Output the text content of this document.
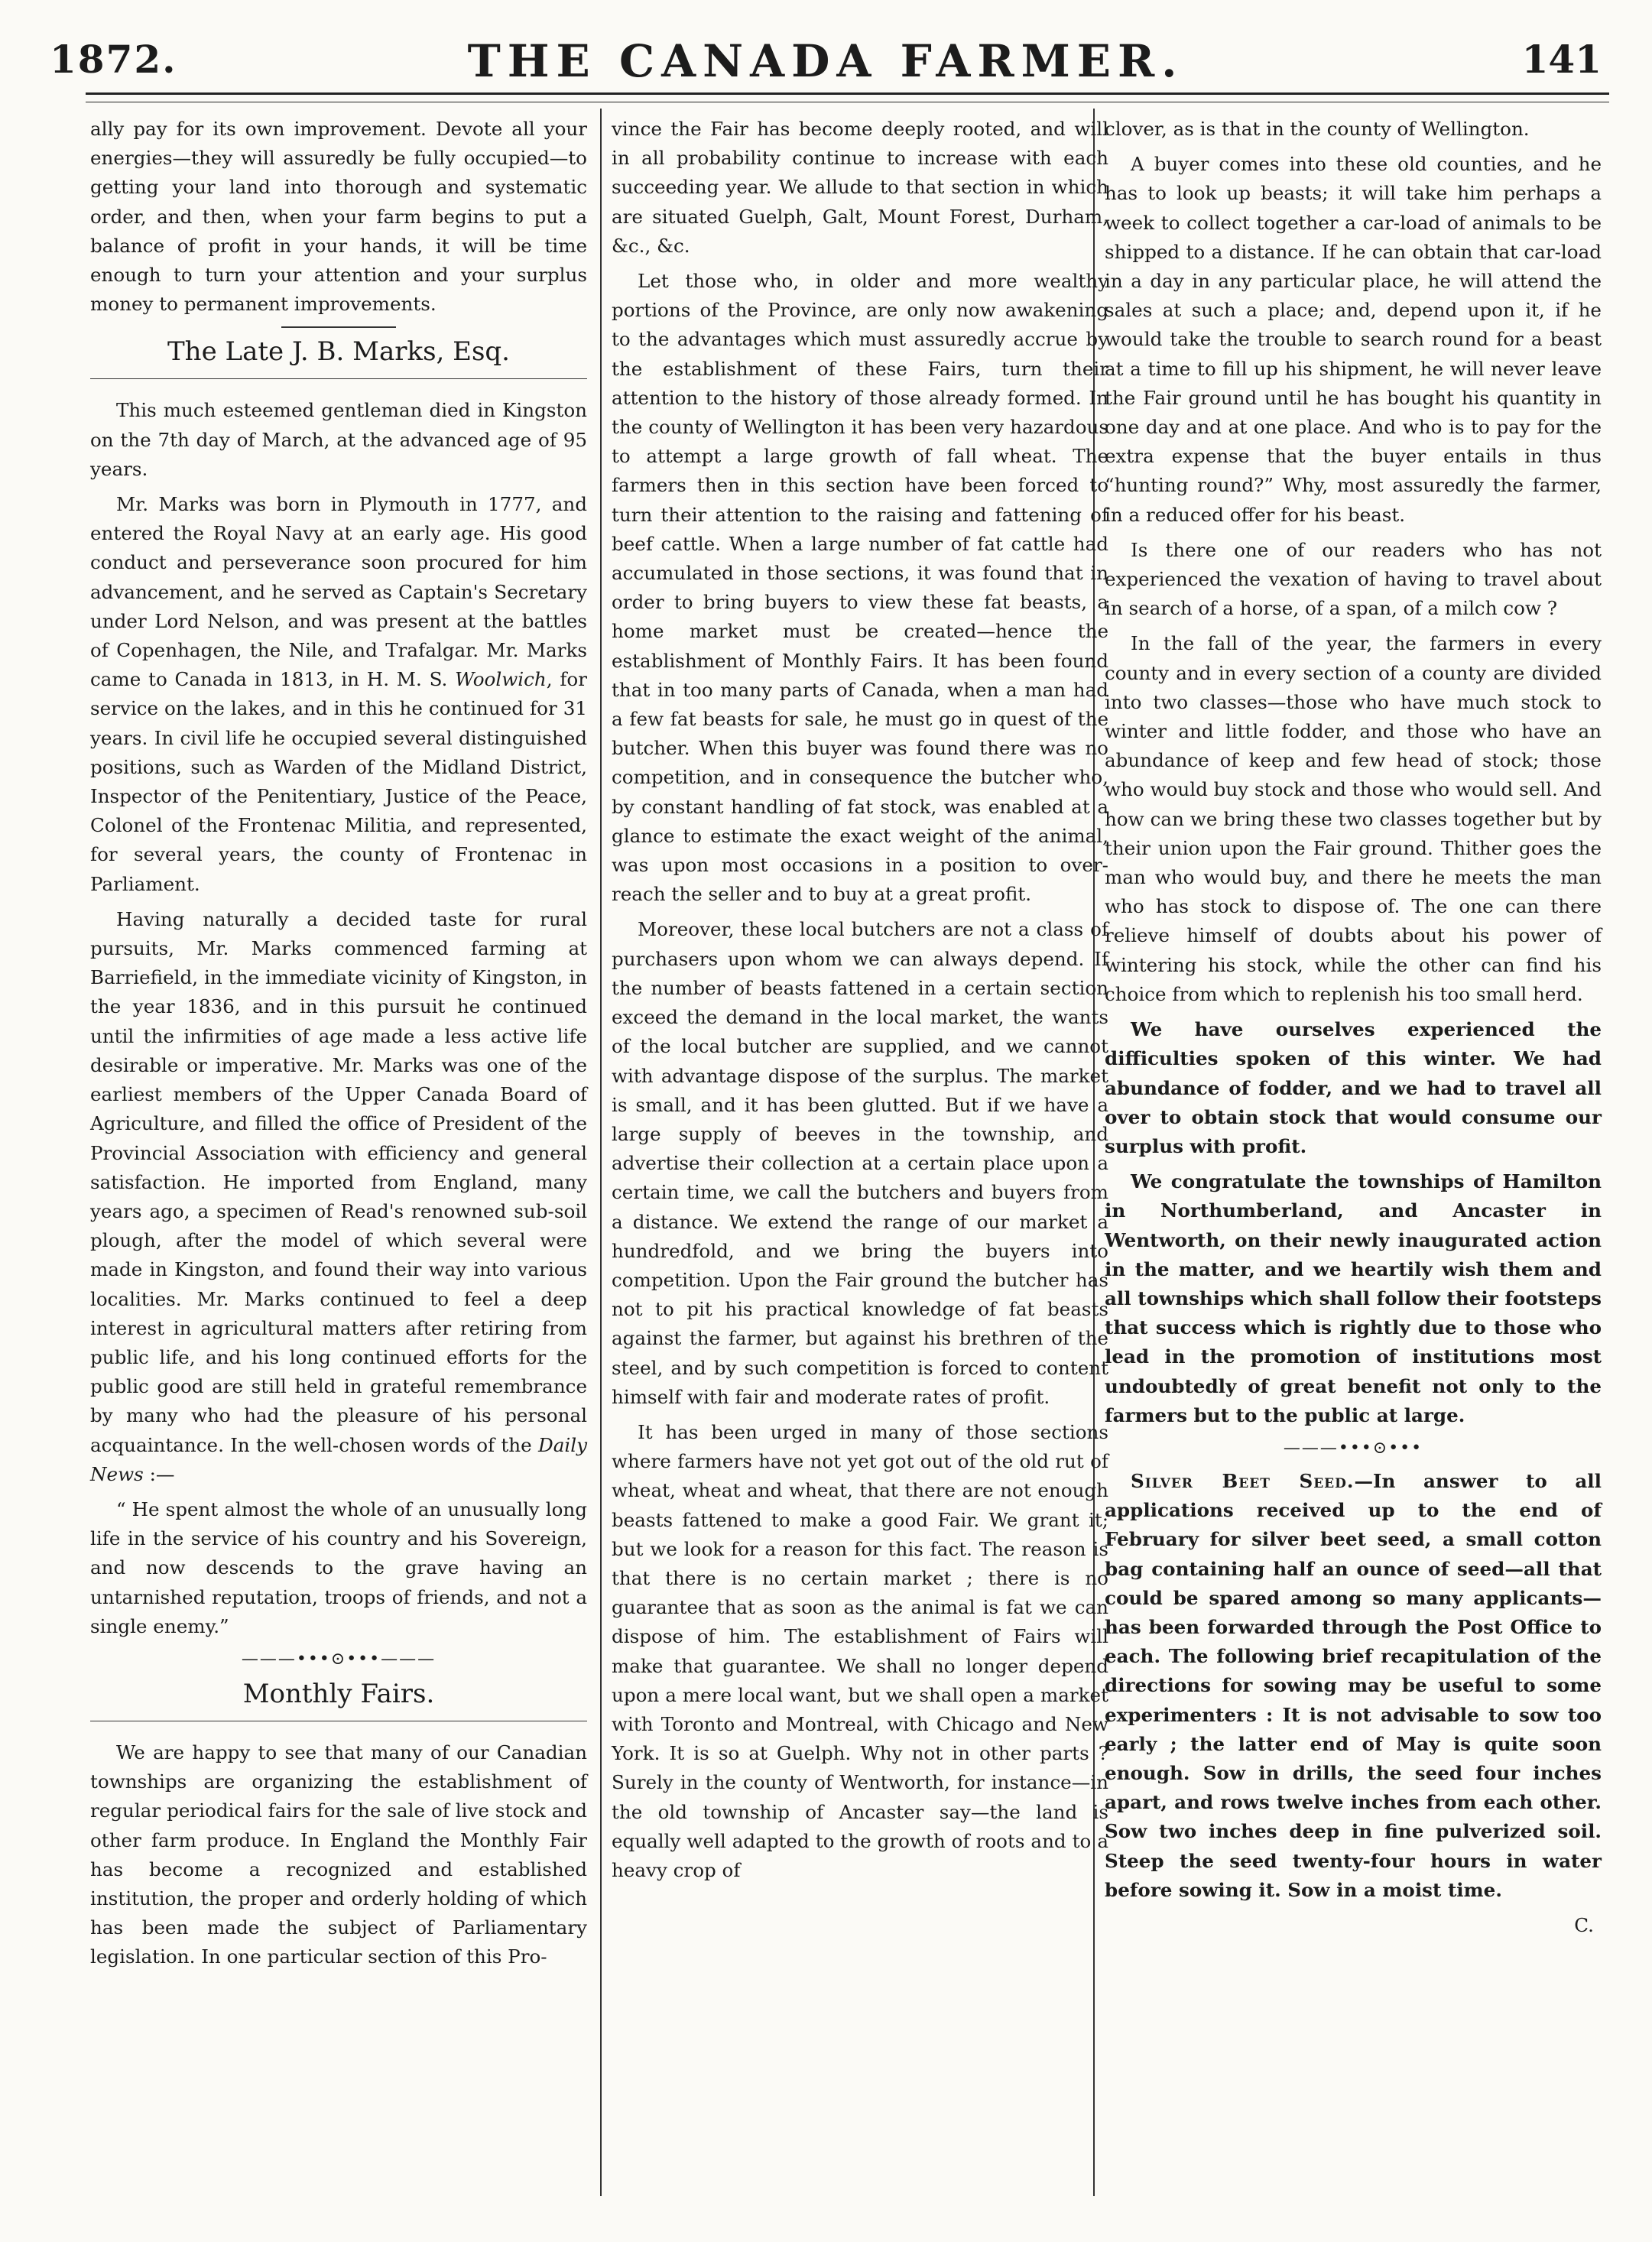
1872.	THE CANADA FARMER.	141

ally pay for its own improvement. Devote all your energies—they will assuredly be fully occupied—to getting your land into thorough and systematic order, and then, when your farm begins to put a balance of profit in your hands, it will be time enough to turn your attention and your surplus money to permanent improvements.

The Late J. B. Marks, Esq.

This much esteemed gentleman died in Kingston on the 7th day of March, at the advanced age of 95 years.

Mr. Marks was born in Plymouth in 1777, and entered the Royal Navy at an early age. His good conduct and perseverance soon procured for him advancement, and he served as Captain's Secretary under Lord Nelson, and was present at the battles of Copenhagen, the Nile, and Trafalgar. Mr. Marks came to Canada in 1813, in H. M. S. Woolwich, for service on the lakes, and in this he continued for 31 years. In civil life he occupied several distinguished positions, such as Warden of the Midland District, Inspector of the Penitentiary, Justice of the Peace, Colonel of the Frontenac Militia, and represented, for several years, the county of Frontenac in Parliament.

Having naturally a decided taste for rural pursuits, Mr. Marks commenced farming at Barriefield, in the immediate vicinity of Kingston, in the year 1836, and in this pursuit he continued until the infirmities of age made a less active life desirable or imperative. Mr. Marks was one of the earliest members of the Upper Canada Board of Agriculture, and filled the office of President of the Provincial Association with efficiency and general satisfaction. He imported from England, many years ago, a specimen of Read's renowned sub-soil plough, after the model of which several were made in Kingston, and found their way into various localities. Mr. Marks continued to feel a deep interest in agricultural matters after retiring from public life, and his long continued efforts for the public good are still held in grateful remembrance by many who had the pleasure of his personal acquaintance. In the well-chosen words of the Daily News :—

“ He spent almost the whole of an unusually long life in the service of his country and his Sovereign, and now descends to the grave having an untarnished reputation, troops of friends, and not a single enemy.”

———•••⊙•••———
Monthly Fairs.

We are happy to see that many of our Canadian townships are organizing the establishment of regular periodical fairs for the sale of live stock and other farm produce. In England the Monthly Fair has become a recognized and established institution, the proper and orderly holding of which has been made the subject of Parliamentary legislation. In one particular section of this Pro-

vince the Fair has become deeply rooted, and will in all probability continue to increase with each succeeding year. We allude to that section in which are situated Guelph, Galt, Mount Forest, Durham, &c., &c.

Let those who, in older and more wealthy portions of the Province, are only now awakening to the advantages which must assuredly accrue by the establishment of these Fairs, turn their attention to the history of those already formed. In the county of Wellington it has been very hazardous to attempt a large growth of fall wheat. The farmers then in this section have been forced to turn their attention to the raising and fattening of beef cattle. When a large number of fat cattle had accumulated in those sections, it was found that in order to bring buyers to view these fat beasts, a home market must be created—hence the establishment of Monthly Fairs. It has been found that in too many parts of Canada, when a man had a few fat beasts for sale, he must go in quest of the butcher. When this buyer was found there was no competition, and in consequence the butcher who, by constant handling of fat stock, was enabled at a glance to estimate the exact weight of the animal, was upon most occasions in a position to over-reach the seller and to buy at a great profit.

Moreover, these local butchers are not a class of purchasers upon whom we can always depend. If the number of beasts fattened in a certain section exceed the demand in the local market, the wants of the local butcher are supplied, and we cannot with advantage dispose of the surplus. The market is small, and it has been glutted. But if we have a large supply of beeves in the township, and advertise their collection at a certain place upon a certain time, we call the butchers and buyers from a distance. We extend the range of our market a hundredfold, and we bring the buyers into competition. Upon the Fair ground the butcher has not to pit his practical knowledge of fat beasts against the farmer, but against his brethren of the steel, and by such competition is forced to content himself with fair and moderate rates of profit.

It has been urged in many of those sections where farmers have not yet got out of the old rut of wheat, wheat and wheat, that there are not enough beasts fattened to make a good Fair. We grant it; but we look for a reason for this fact. The reason is that there is no certain market ; there is no guarantee that as soon as the animal is fat we can dispose of him. The establishment of Fairs will make that guarantee. We shall no longer depend upon a mere local want, but we shall open a market with Toronto and Montreal, with Chicago and New York. It is so at Guelph. Why not in other parts ? Surely in the county of Wentworth, for instance—in the old township of Ancaster say—the land is equally well adapted to the growth of roots and to a heavy crop of

clover, as is that in the county of Wellington.

A buyer comes into these old counties, and he has to look up beasts; it will take him perhaps a week to collect together a car-load of animals to be shipped to a distance. If he can obtain that car-load in a day in any particular place, he will attend the sales at such a place; and, depend upon it, if he would take the trouble to search round for a beast at a time to fill up his shipment, he will never leave the Fair ground until he has bought his quantity in one day and at one place. And who is to pay for the extra expense that the buyer entails in thus “hunting round?” Why, most assuredly the farmer, in a reduced offer for his beast.

Is there one of our readers who has not experienced the vexation of having to travel about in search of a horse, of a span, of a milch cow ?

In the fall of the year, the farmers in every county and in every section of a county are divided into two classes—those who have much stock to winter and little fodder, and those who have an abundance of keep and few head of stock; those who would buy stock and those who would sell. And how can we bring these two classes together but by their union upon the Fair ground. Thither goes the man who would buy, and there he meets the man who has stock to dispose of. The one can there relieve himself of doubts about his power of wintering his stock, while the other can find his choice from which to replenish his too small herd.

We have ourselves experienced the difficulties spoken of this winter. We had abundance of fodder, and we had to travel all over to obtain stock that would consume our surplus with profit.

We congratulate the townships of Hamilton in Northumberland, and Ancaster in Wentworth, on their newly inaugurated action in the matter, and we heartily wish them and all townships which shall follow their footsteps that success which is rightly due to those who lead in the promotion of institutions most undoubtedly of great benefit not only to the farmers but to the public at large.

———•••⊙•••

Silver Beet Seed.—In answer to all applications received up to the end of February for silver beet seed, a small cotton bag containing half an ounce of seed—all that could be spared among so many applicants—has been forwarded through the Post Office to each. The following brief recapitulation of the directions for sowing may be useful to some experimenters : It is not advisable to sow too early ; the latter end of May is quite soon enough. Sow in drills, the seed four inches apart, and rows twelve inches from each other. Sow two inches deep in fine pulverized soil. Steep the seed twenty-four hours in water before sowing it. Sow in a moist time.

C.
